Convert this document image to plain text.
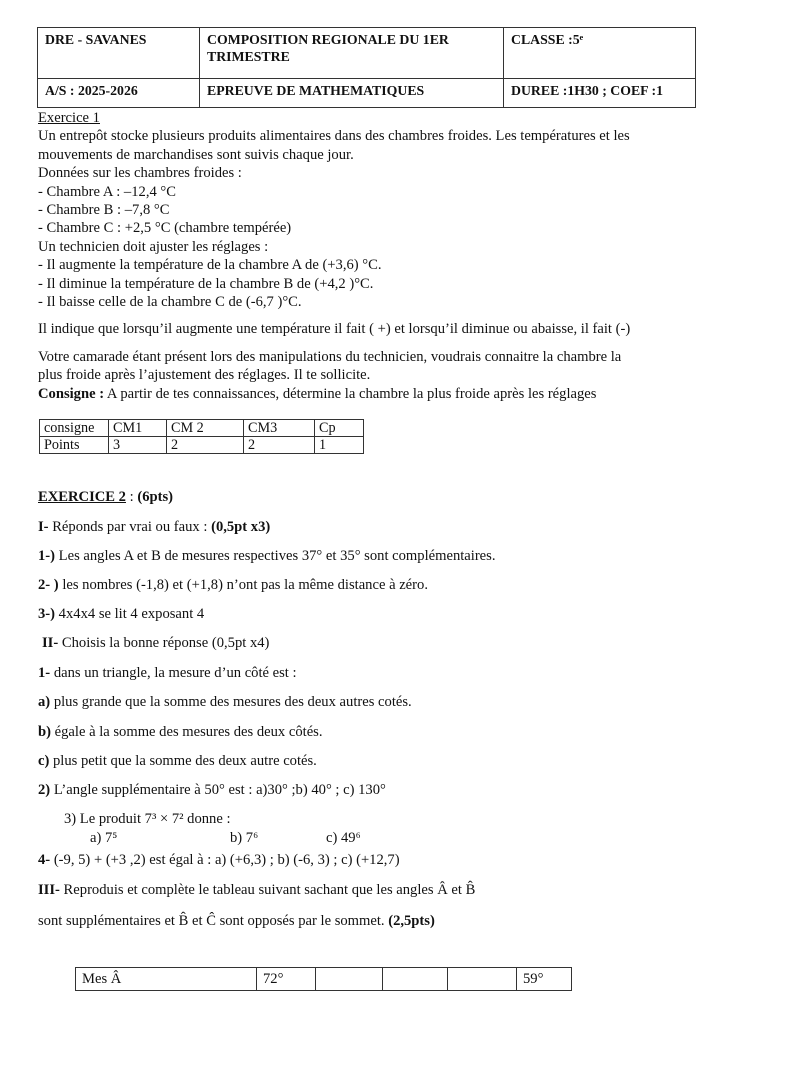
DRE - SAVANES	COMPOSITION REGIONALE DU 1ER TRIMESTRE	CLASSE :5ᵉ
A/S : 2025-2026	EPREUVE DE MATHEMATIQUES	DUREE :1H30 ; COEF :1
Exercice 1
Un entrepôt stocke plusieurs produits alimentaires dans des chambres froides. Les températures et les
mouvements de marchandises sont suivis chaque jour.
Données sur les chambres froides :
- Chambre A : –12,4 °C
- Chambre B : –7,8 °C
- Chambre C : +2,5 °C (chambre tempérée)
Un technicien doit ajuster les réglages :
- Il augmente la température de la chambre A de (+3,6) °C.
- Il diminue la température de la chambre B de (+4,2 )°C.
- Il baisse celle de la chambre C de (-6,7 )°C.
Il indique que lorsqu’il augmente une température il fait ( +) et lorsqu’il diminue ou abaisse, il fait (-)
Votre camarade étant présent lors des manipulations du technicien, voudrais connaitre la chambre la
plus froide après l’ajustement des réglages. Il te sollicite.
Consigne : A partir de tes connaissances, détermine la chambre la plus froide après les réglages
consigne	CM1	CM 2	CM3	Cp
Points	3	2	2	1
EXERCICE 2 : (6pts)
I- Réponds par vrai ou faux : (0,5pt x3)
1-) Les angles A et B de mesures respectives 37° et 35° sont complémentaires.
2- ) les nombres (-1,8) et (+1,8) n’ont pas la même distance à zéro.
3-) 4x4x4 se lit 4 exposant 4
II- Choisis la bonne réponse (0,5pt x4)
1- dans un triangle, la mesure d’un côté est :
a) plus grande que la somme des mesures des deux autres cotés.
b) égale à la somme des mesures des deux côtés.
c) plus petit que la somme des deux autre cotés.
2) L’angle supplémentaire à 50° est : a)30° ;b) 40° ; c) 130°
3) Le produit 7³ × 7² donne :
a) 7⁵	b) 7⁶	c) 49⁶
4- (-9, 5) + (+3 ,2) est égal à : a) (+6,3) ; b) (-6, 3) ; c) (+12,7)
III- Reproduis et complète le tableau suivant sachant que les angles Â et B̂
sont supplémentaires et B̂ et Ĉ sont opposés par le sommet. (2,5pts)
Mes Â	72°				59°
